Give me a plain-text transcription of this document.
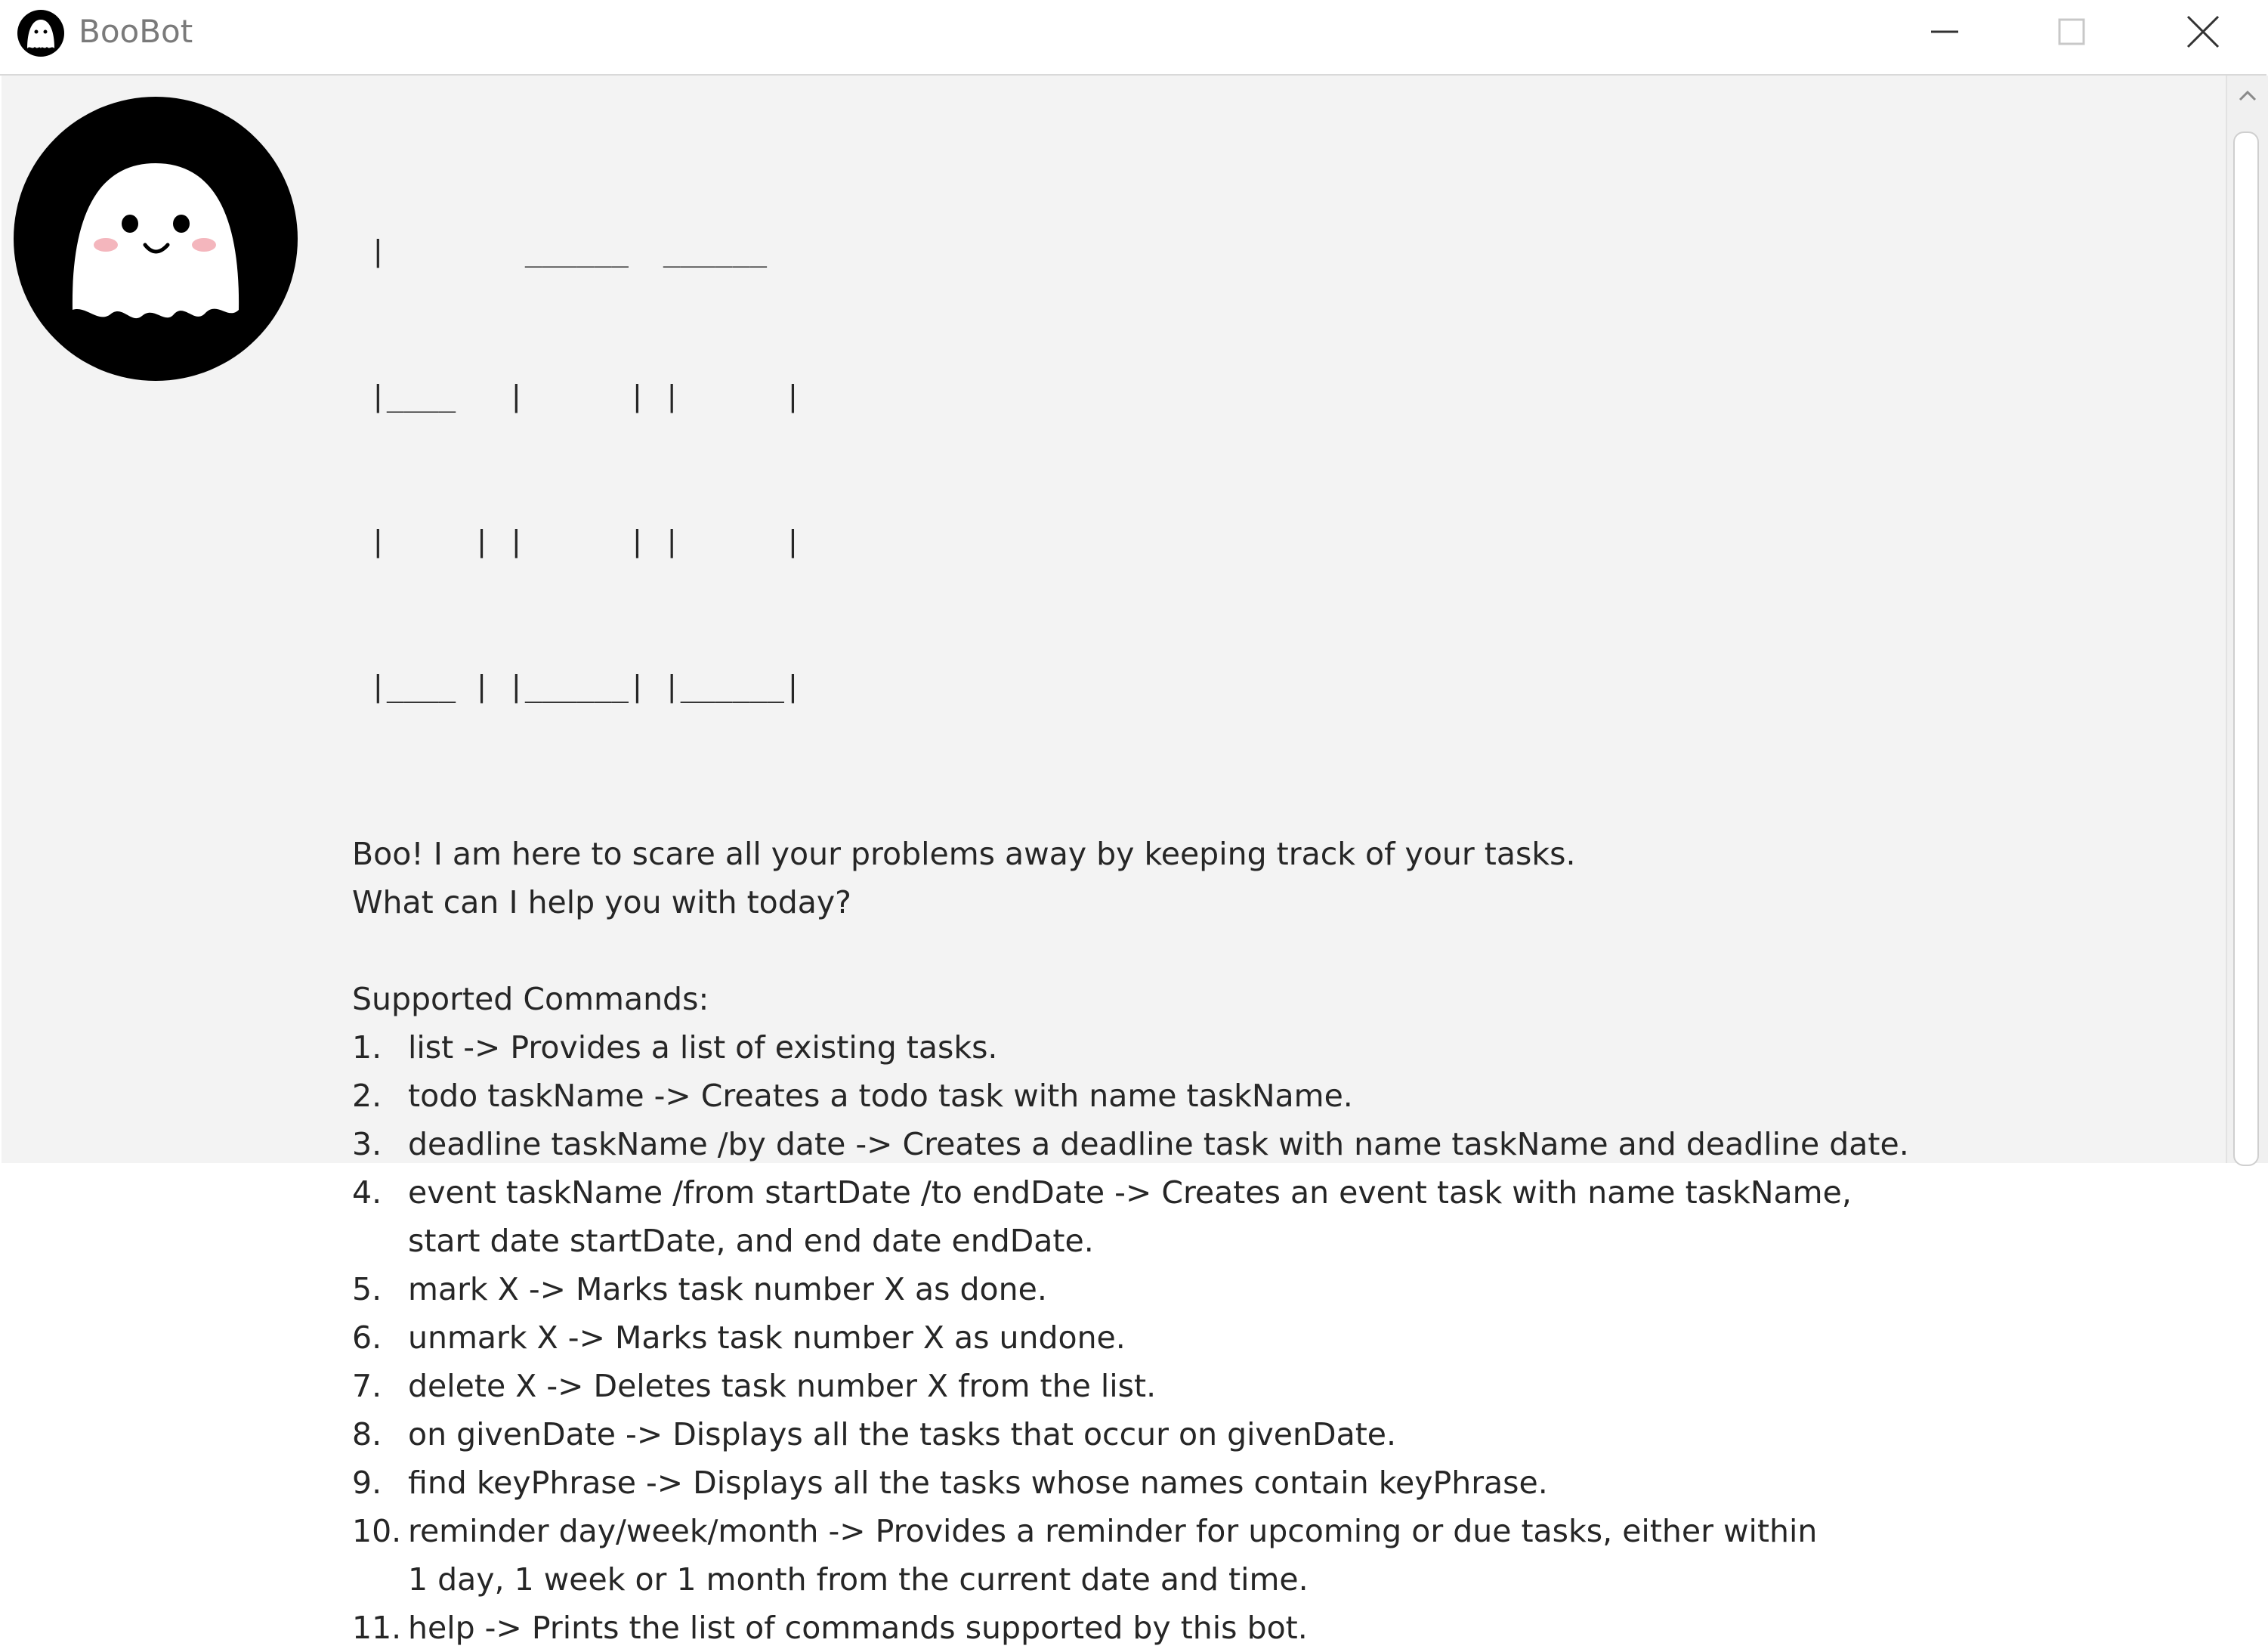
BooBot

|        ______  ______

|____   |      | |      |

|     | |      | |      |

|____ | |______| |______|

Boo! I am here to scare all your problems away by keeping track of your tasks.
What can I help you with today?
Supported Commands:
1. list -> Provides a list of existing tasks.
2. todo taskName -> Creates a todo task with name taskName.
3. deadline taskName /by date -> Creates a deadline task with name taskName and deadline date.
4. event taskName /from startDate /to endDate -> Creates an event task with name taskName,
start date startDate, and end date endDate.
5. mark X -> Marks task number X as done.
6. unmark X -> Marks task number X as undone.
7. delete X -> Deletes task number X from the list.
8. on givenDate -> Displays all the tasks that occur on givenDate.
9. find keyPhrase -> Displays all the tasks whose names contain keyPhrase.
10. reminder day/week/month -> Provides a reminder for upcoming or due tasks, either within
1 day, 1 week or 1 month from the current date and time.
11. help -> Prints the list of commands supported by this bot.
